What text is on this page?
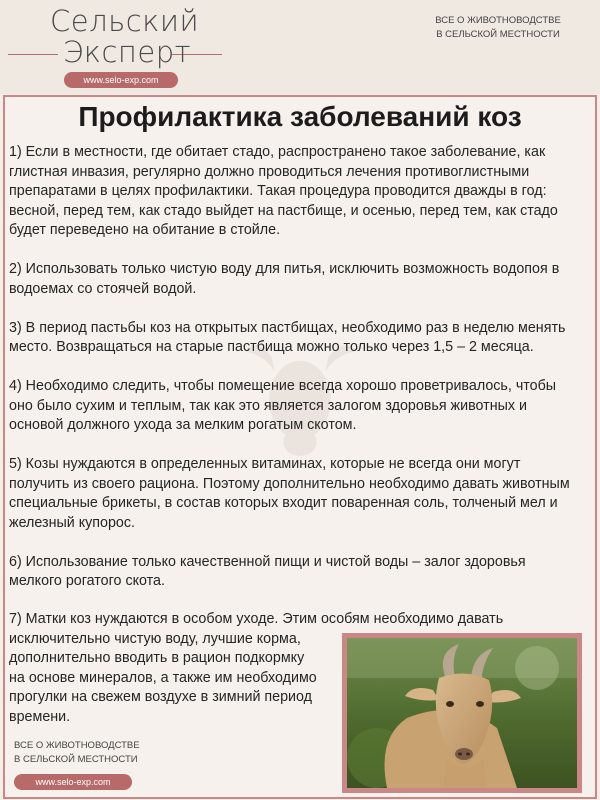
Сельский
Эксперт
www.selo-exp.com
ВСЕ О ЖИВОТНОВОДСТВЕ
В СЕЛЬСКОЙ МЕСТНОСТИ
Профилактика заболеваний коз

1) Если в местности, где обитает стадо, распространено такое заболевание, как глистная инвазия, регулярно должно проводиться лечения противоглистными препаратами в целях профилактики. Такая процедура проводится дважды в год: весной, перед тем, как стадо выйдет на пастбище, и осенью, перед тем, как стадо будет переведено на обитание в стойле.

2) Использовать только чистую воду для питья, исключить возможность водопоя в водоемах со стоячей водой.

3) В период пастьбы коз на открытых пастбищах, необходимо раз в неделю менять место. Возвращаться на старые пастбища можно только через 1,5 – 2 месяца.

4) Необходимо следить, чтобы помещение всегда хорошо проветривалось, чтобы оно было сухим и теплым, так как это является залогом здоровья животных и основой должного ухода за мелким рогатым скотом.

5) Козы нуждаются в определенных витаминах, которые не всегда они могут получить из своего рациона. Поэтому дополнительно необходимо давать животным специальные брикеты, в состав которых входит поваренная соль, толченый мел и железный купорос.

6) Использование только качественной пищи и чистой воды – залог здоровья мелкого рогатого скота.

7) Матки коз нуждаются в особом уходе. Этим особям необходимо давать
исключительно чистую воду, лучшие корма,
дополнительно вводить в рацион подкормку
на основе минералов, а также им необходимо
прогулки на свежем воздухе в зимний период
времени.
ВСЕ О ЖИВОТНОВОДСТВЕ
В СЕЛЬСКОЙ МЕСТНОСТИ
www.selo-exp.com
